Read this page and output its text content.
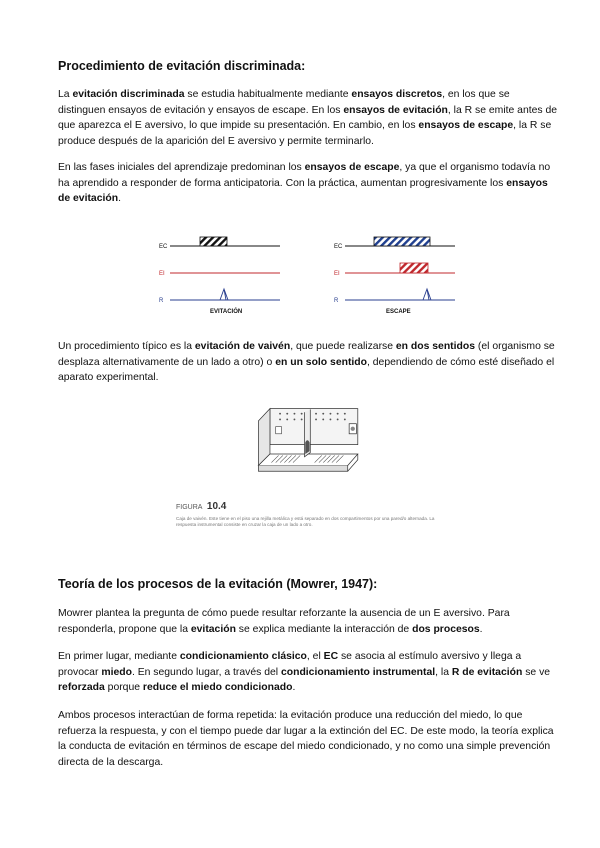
Procedimiento de evitación discriminada:

La evitación discriminada se estudia habitualmente mediante ensayos discretos, en los que se distinguen ensayos de evitación y ensayos de escape. En los ensayos de evitación, la R se emite antes de que aparezca el E aversivo, lo que impide su presentación. En cambio, en los ensayos de escape, la R se produce después de la aparición del E aversivo y permite terminarlo.

En las fases iniciales del aprendizaje predominan los ensayos de escape, ya que el organismo todavía no ha aprendido a responder de forma anticipatoria. Con la práctica, aumentan progresivamente los ensayos de evitación.

EC
EI
R
EVITACIÓN
EC
EI
R
ESCAPE

Un procedimiento típico es la evitación de vaivén, que puede realizarse en dos sentidos (el organismo se desplaza alternativamente de un lado a otro) o en un solo sentido, dependiendo de cómo esté diseñado el aparato experimental.

FIGURA 10.4
Caja de vaivén. Este tiene en el piso una rejilla metálica y está separado en dos compartimentos por una pared/o alternada. La respuesta instrumental consiste en cruzar la caja de un lado a otro.
Teoría de los procesos de la evitación (Mowrer, 1947):

Mowrer plantea la pregunta de cómo puede resultar reforzante la ausencia de un E aversivo. Para responderla, propone que la evitación se explica mediante la interacción de dos procesos.

En primer lugar, mediante condicionamiento clásico, el EC se asocia al estímulo aversivo y llega a provocar miedo. En segundo lugar, a través del condicionamiento instrumental, la R de evitación se ve reforzada porque reduce el miedo condicionado.

Ambos procesos interactúan de forma repetida: la evitación produce una reducción del miedo, lo que refuerza la respuesta, y con el tiempo puede dar lugar a la extinción del EC. De este modo, la teoría explica la conducta de evitación en términos de escape del miedo condicionado, y no como una simple prevención directa de la descarga.
